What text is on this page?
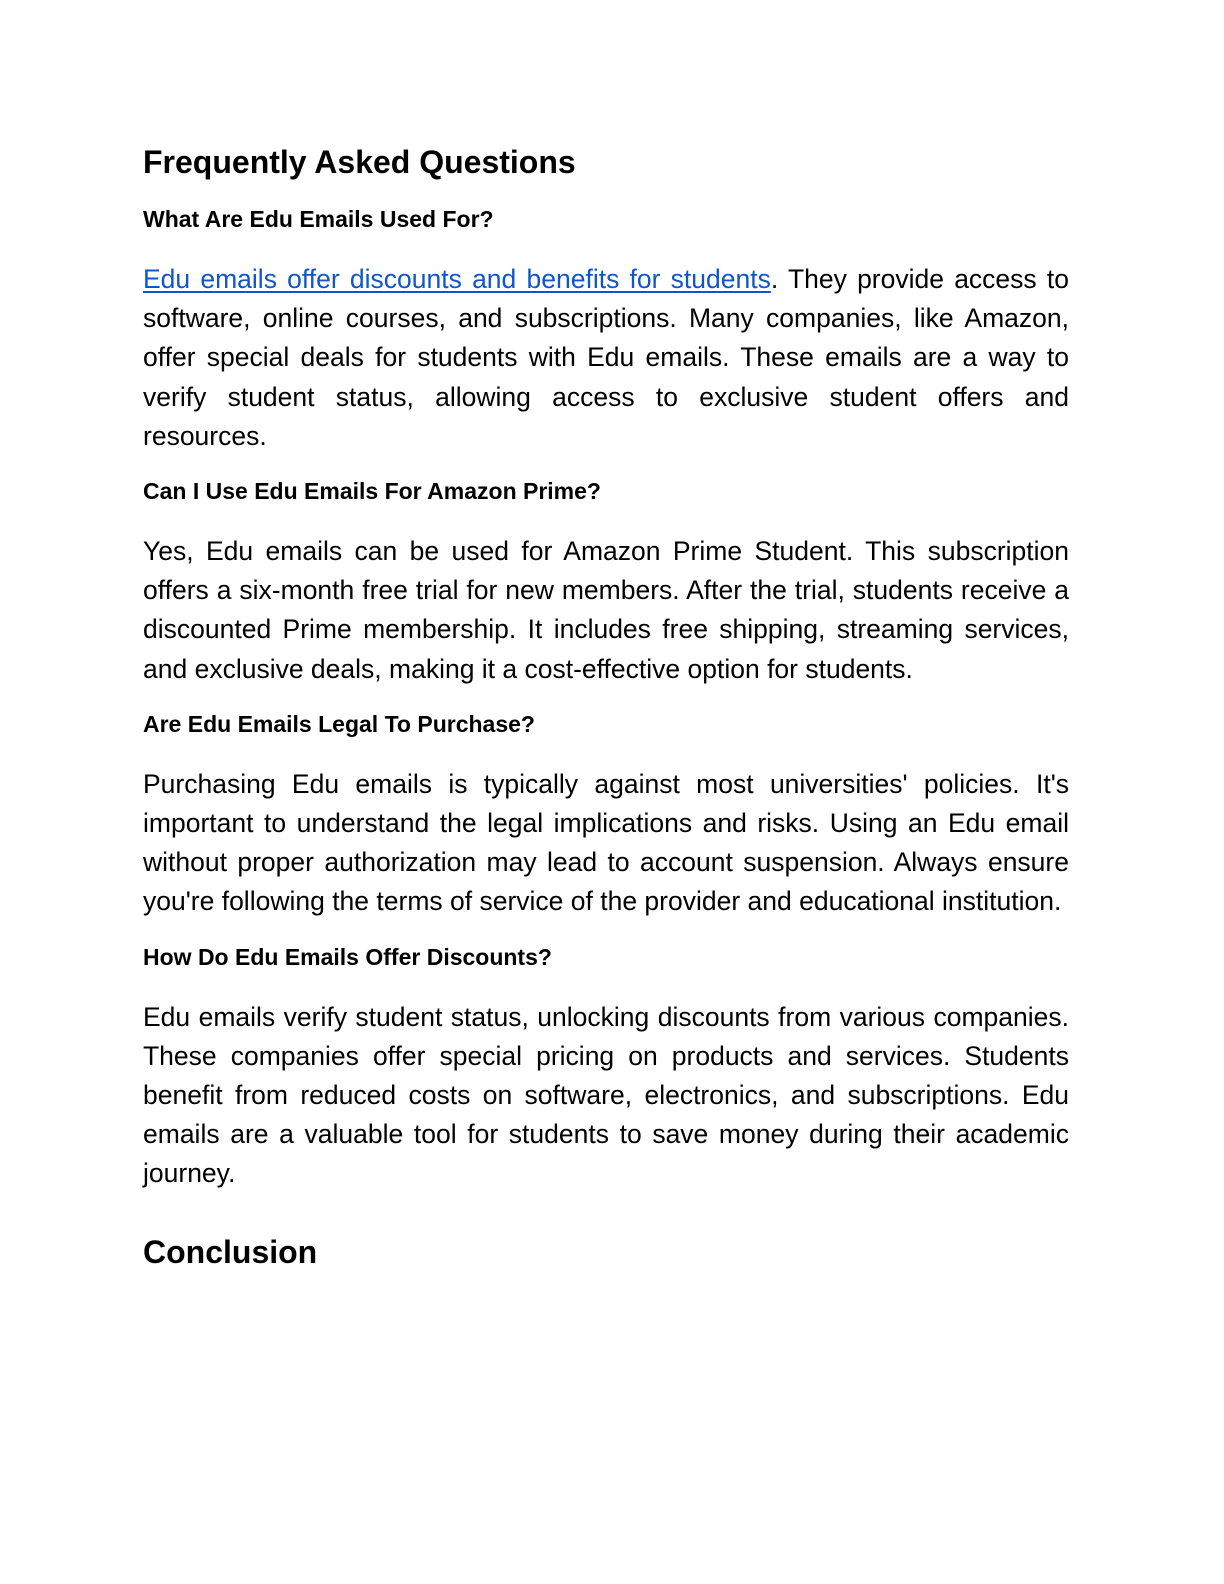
Frequently Asked Questions
What Are Edu Emails Used For?

Edu emails offer discounts and benefits for students. They provide access to software, online courses, and subscriptions. Many companies, like Amazon, offer special deals for students with Edu emails. These emails are a way to verify student status, allowing access to exclusive student offers and resources.

Can I Use Edu Emails For Amazon Prime?

Yes, Edu emails can be used for Amazon Prime Student. This subscription offers a six-month free trial for new members. After the trial, students receive a discounted Prime membership. It includes free shipping, streaming services, and exclusive deals, making it a cost-effective option for students.

Are Edu Emails Legal To Purchase?

Purchasing Edu emails is typically against most universities' policies. It's important to understand the legal implications and risks. Using an Edu email without proper authorization may lead to account suspension. Always ensure you're following the terms of service of the provider and educational institution.

How Do Edu Emails Offer Discounts?

Edu emails verify student status, unlocking discounts from various companies. These companies offer special pricing on products and services. Students benefit from reduced costs on software, electronics, and subscriptions. Edu emails are a valuable tool for students to save money during their academic journey.

Conclusion
